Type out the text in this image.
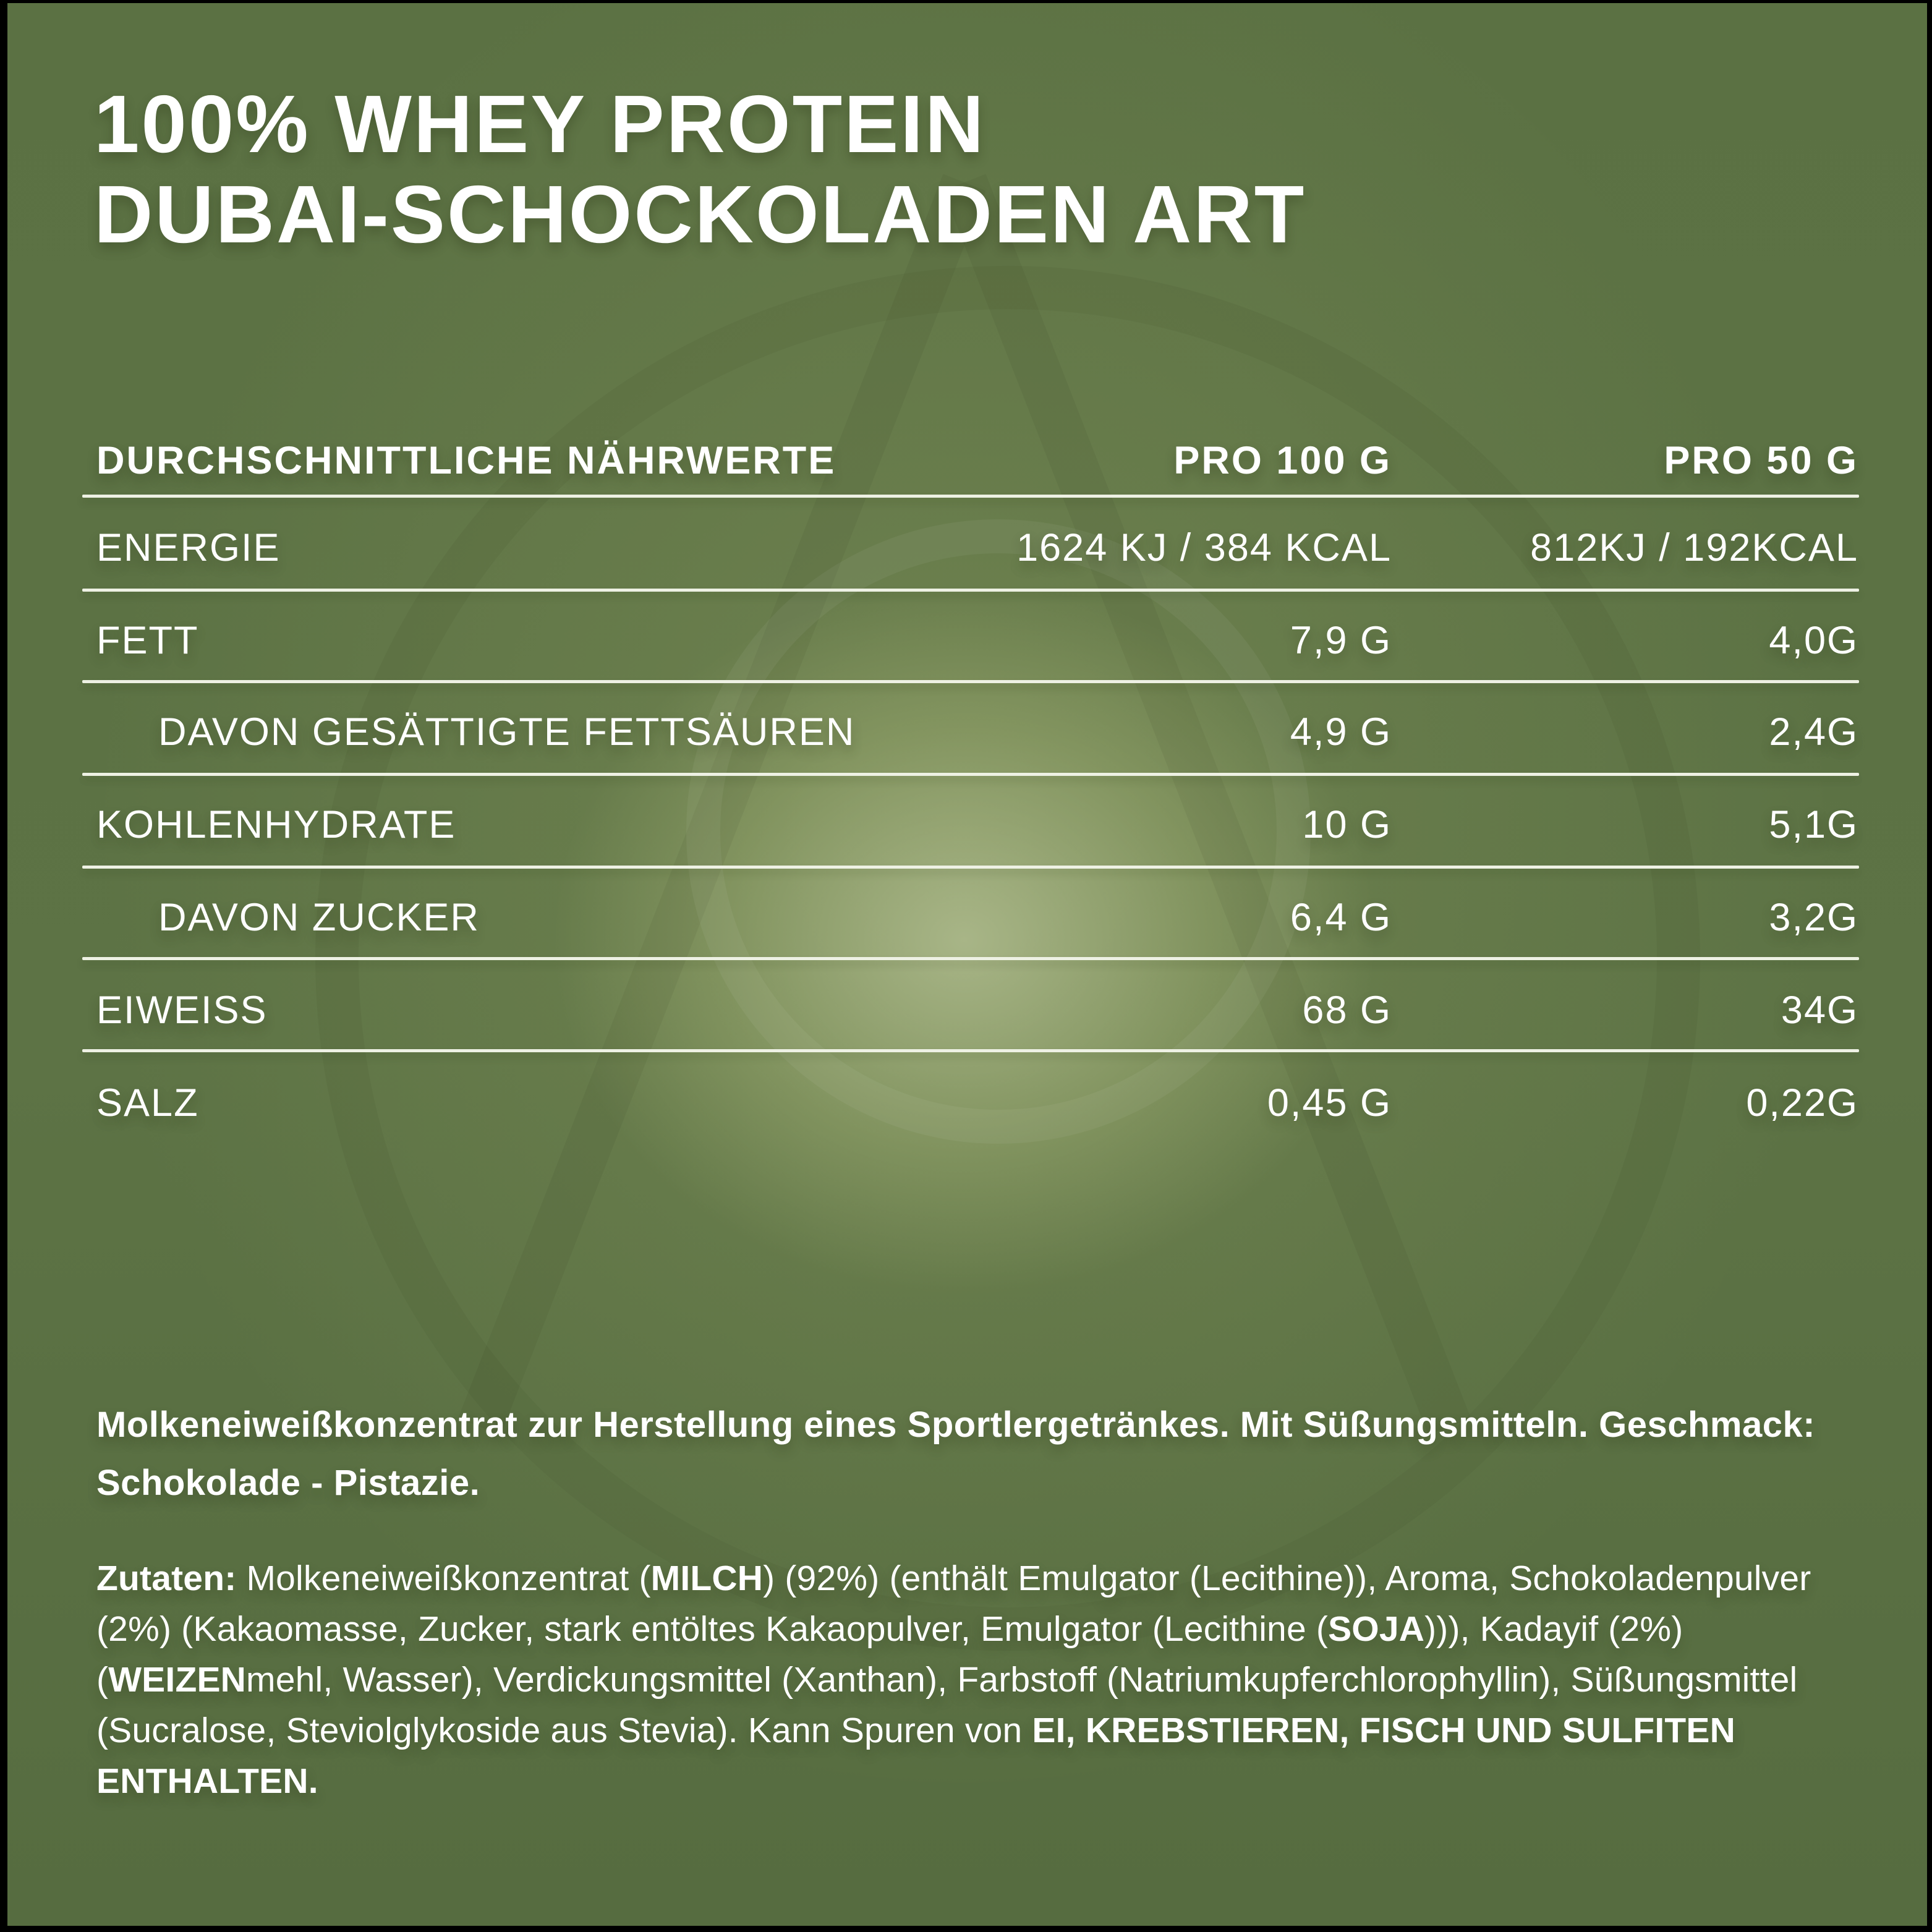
100% WHEY PROTEIN
DUBAI-SCHOCKOLADEN ART
DURCHSCHNITTLICHE NÄHRWERTE	PRO 100 G	PRO 50 G
ENERGIE	1624 KJ / 384 KCAL	812KJ / 192KCAL
FETT	7,9 G	4,0G
DAVON GESÄTTIGTE FETTSÄUREN	4,9 G	2,4G
KOHLENHYDRATE	10 G	5,1G
DAVON ZUCKER	6,4 G	3,2G
EIWEISS	68 G	34G
SALZ	0,45 G	0,22G

Molkeneiweißkonzentrat zur Herstellung eines Sportlergetränkes. Mit Süßungsmitteln. Geschmack: Schokolade - Pistazie.

Zutaten: Molkeneiweißkonzentrat (MILCH) (92%) (enthält Emulgator (Lecithine)), Aroma, Schokoladenpulver (2%) (Kakaomasse, Zucker, stark entöltes Kakaopulver, Emulgator (Lecithine (SOJA))), Kadayif (2%) (WEIZENmehl, Wasser), Verdickungsmittel (Xanthan), Farbstoff (Natriumkupferchlorophyllin), Süßungsmittel (Sucralose, Steviolglykoside aus Stevia). Kann Spuren von EI, KREBSTIEREN, FISCH UND SULFITEN ENTHALTEN.
